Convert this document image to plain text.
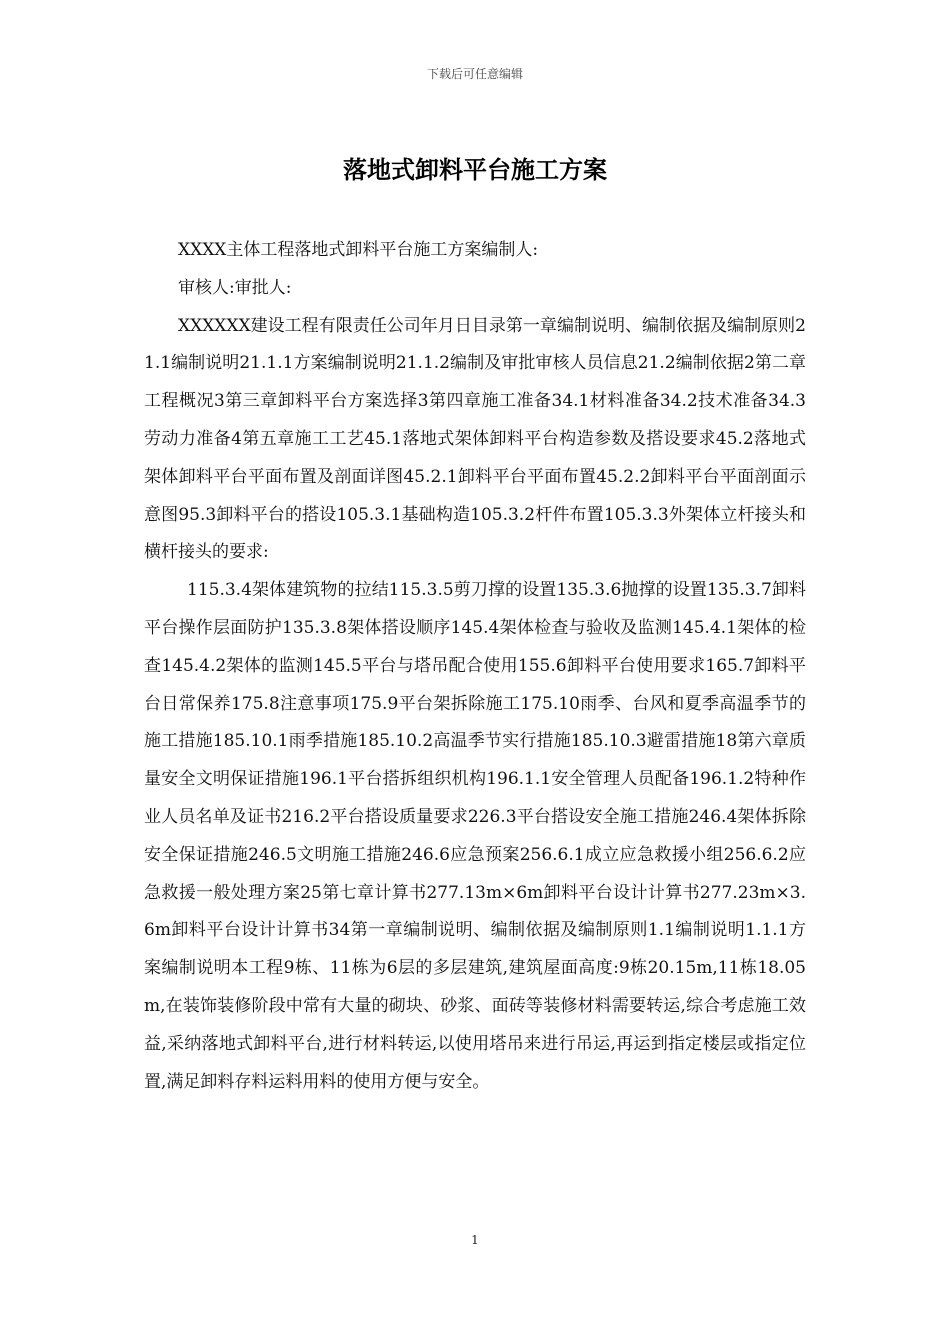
下载后可任意编辑
落地式卸料平台施工方案

XXXX主体工程落地式卸料平台施工方案编制人:

审核人:审批人:

XXXXXX建设工程有限责任公司年月日目录第一章编制说明、编制依据及编制原则21.1编制说明21.1.1方案编制说明21.1.2编制及审批审核人员信息21.2编制依据2第二章工程概况3第三章卸料平台方案选择3第四章施工准备34.1材料准备34.2技术准备34.3劳动力准备4第五章施工工艺45.1落地式架体卸料平台构造参数及搭设要求45.2落地式架体卸料平台平面布置及剖面详图45.2.1卸料平台平面布置45.2.2卸料平台平面剖面示意图95.3卸料平台的搭设105.3.1基础构造105.3.2杆件布置105.3.3外架体立杆接头和横杆接头的要求:

115.3.4架体建筑物的拉结115.3.5剪刀撑的设置135.3.6抛撑的设置135.3.7卸料平台操作层面防护135.3.8架体搭设顺序145.4架体检查与验收及监测145.4.1架体的检查145.4.2架体的监测145.5平台与塔吊配合使用155.6卸料平台使用要求165.7卸料平台日常保养175.8注意事项175.9平台架拆除施工175.10雨季、台风和夏季高温季节的施工措施185.10.1雨季措施185.10.2高温季节实行措施185.10.3避雷措施18第六章质量安全文明保证措施196.1平台搭拆组织机构196.1.1安全管理人员配备196.1.2特种作业人员名单及证书216.2平台搭设质量要求226.3平台搭设安全施工措施246.4架体拆除安全保证措施246.5文明施工措施246.6应急预案256.6.1成立应急救援小组256.6.2应急救援一般处理方案25第七章计算书277.13m×6m卸料平台设计计算书277.23m×3.6m卸料平台设计计算书34第一章编制说明、编制依据及编制原则1.1编制说明1.1.1方案编制说明本工程9栋、11栋为6层的多层建筑,建筑屋面高度:9栋20.15m,11栋18.05m,在装饰装修阶段中常有大量的砌块、砂浆、面砖等装修材料需要转运,综合考虑施工效益,采纳落地式卸料平台,进行材料转运,以使用塔吊来进行吊运,再运到指定楼层或指定位置,满足卸料存料运料用料的使用方便与安全。

1
